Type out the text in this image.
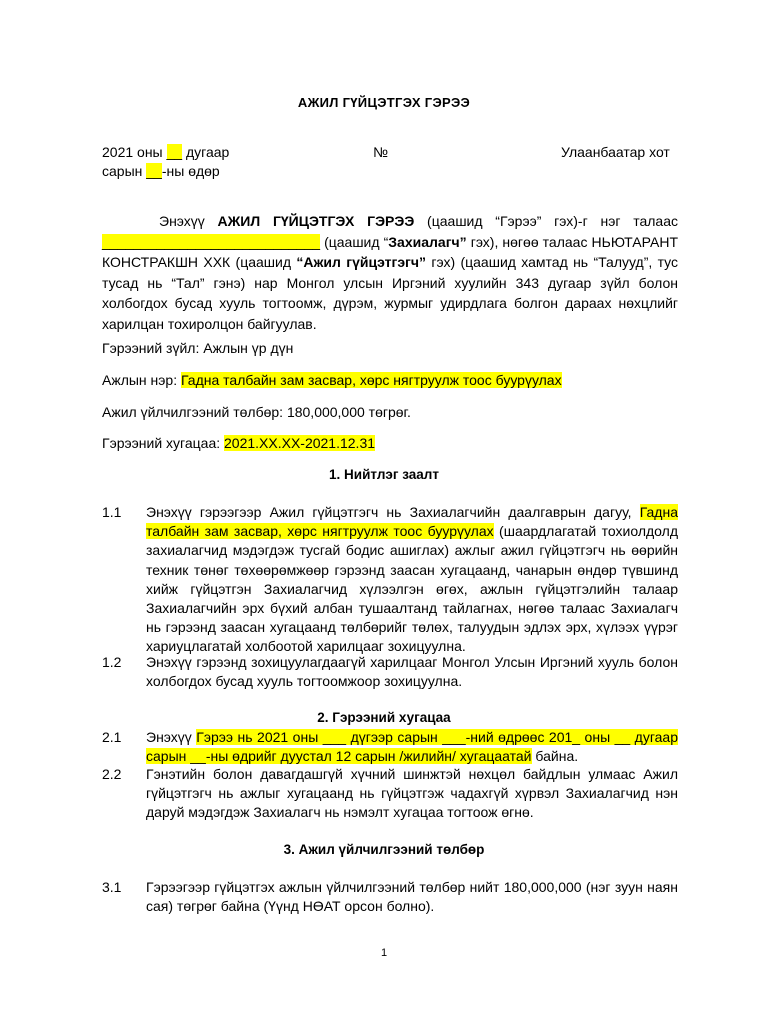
АЖИЛ ГҮЙЦЭТГЭХ ГЭРЭЭ
2021 оны __ дугаар
сарын __-ны өдөр
№	Улаанбаатар хот
Энэхүү АЖИЛ ГҮЙЦЭТГЭХ ГЭРЭЭ (цаашид “Гэрээ” гэх)-г нэг талаас ____________________________ (цаашид “Захиалагч” гэх), нөгөө талаас НЬЮТАРАНТ КОНСТРАКШН ХХК (цаашид “Ажил гүйцэтгэгч” гэх) (цаашид хамтад нь “Талууд”, тус тусад нь “Тал” гэнэ) нар Монгол улсын Иргэний хуулийн 343 дугаар зүйл болон холбогдох бусад хууль тогтоомж, дүрэм, журмыг удирдлага болгон дараах нөхцлийг харилцан тохиролцон байгуулав.
Гэрээний зүйл: Ажлын үр дүн
Ажлын нэр: Гадна талбайн зам засвар, хөрс нягтруулж тоос буурүулах
Ажил үйлчилгээний төлбөр: 180,000,000 төгрөг.
Гэрээний хугацаа: 2021.XX.XX-2021.12.31
1. Нийтлэг заалт
1.1 Энэхүү гэрээгээр Ажил гүйцэтгэгч нь Захиалагчийн даалгаврын дагуу, Гадна талбайн зам засвар, хөрс нягтруулж тоос буурүулах (шаардлагатай тохиолдолд захиалагчид мэдэгдэж тусгай бодис ашиглах) ажлыг ажил гүйцэтгэгч нь өөрийн техник төнөг төхөөрөмжөөр гэрээнд заасан хугацаанд, чанарын өндөр түвшинд хийж гүйцэтгэн Захиалагчид хүлээлгэн өгөх, ажлын гүйцэтгэлийн талаар Захиалагчийн эрх бүхий албан тушаалтанд тайлагнах, нөгөө талаас Захиалагч нь гэрээнд заасан хугацаанд төлбөрийг төлөх, талуудын эдлэх эрх, хүлээх үүрэг хариуцлагатай холбоотой харилцааг зохицуулна.
1.2 Энэхүү гэрээнд зохицуулагдаагүй харилцааг Монгол Улсын Иргэний хууль болон холбогдох бусад хууль тогтоомжоор зохицуулна.
2. Гэрээний хугацаа
2.1 Энэхүү Гэрээ нь 2021 оны ___ дүгээр сарын ___-ний өдрөөс 201_ оны __ дугаар сарын __-ны өдрийг дуустал 12 сарын /жилийн/ хугацаатай байна.
2.2 Гэнэтийн болон давагдашгүй хүчний шинжтэй нөхцөл байдлын улмаас Ажил гүйцэтгэгч нь ажлыг хугацаанд нь гүйцэтгэж чадахгүй хүрвэл Захиалагчид нэн даруй мэдэгдэж Захиалагч нь нэмэлт хугацаа тогтоож өгнө.
3. Ажил үйлчилгээний төлбөр
3.1 Гэрээгээр гүйцэтгэх ажлын үйлчилгээний төлбөр нийт 180,000,000 (нэг зуун наян сая) төгрөг байна (Үүнд НӨАТ орсон болно).
1
